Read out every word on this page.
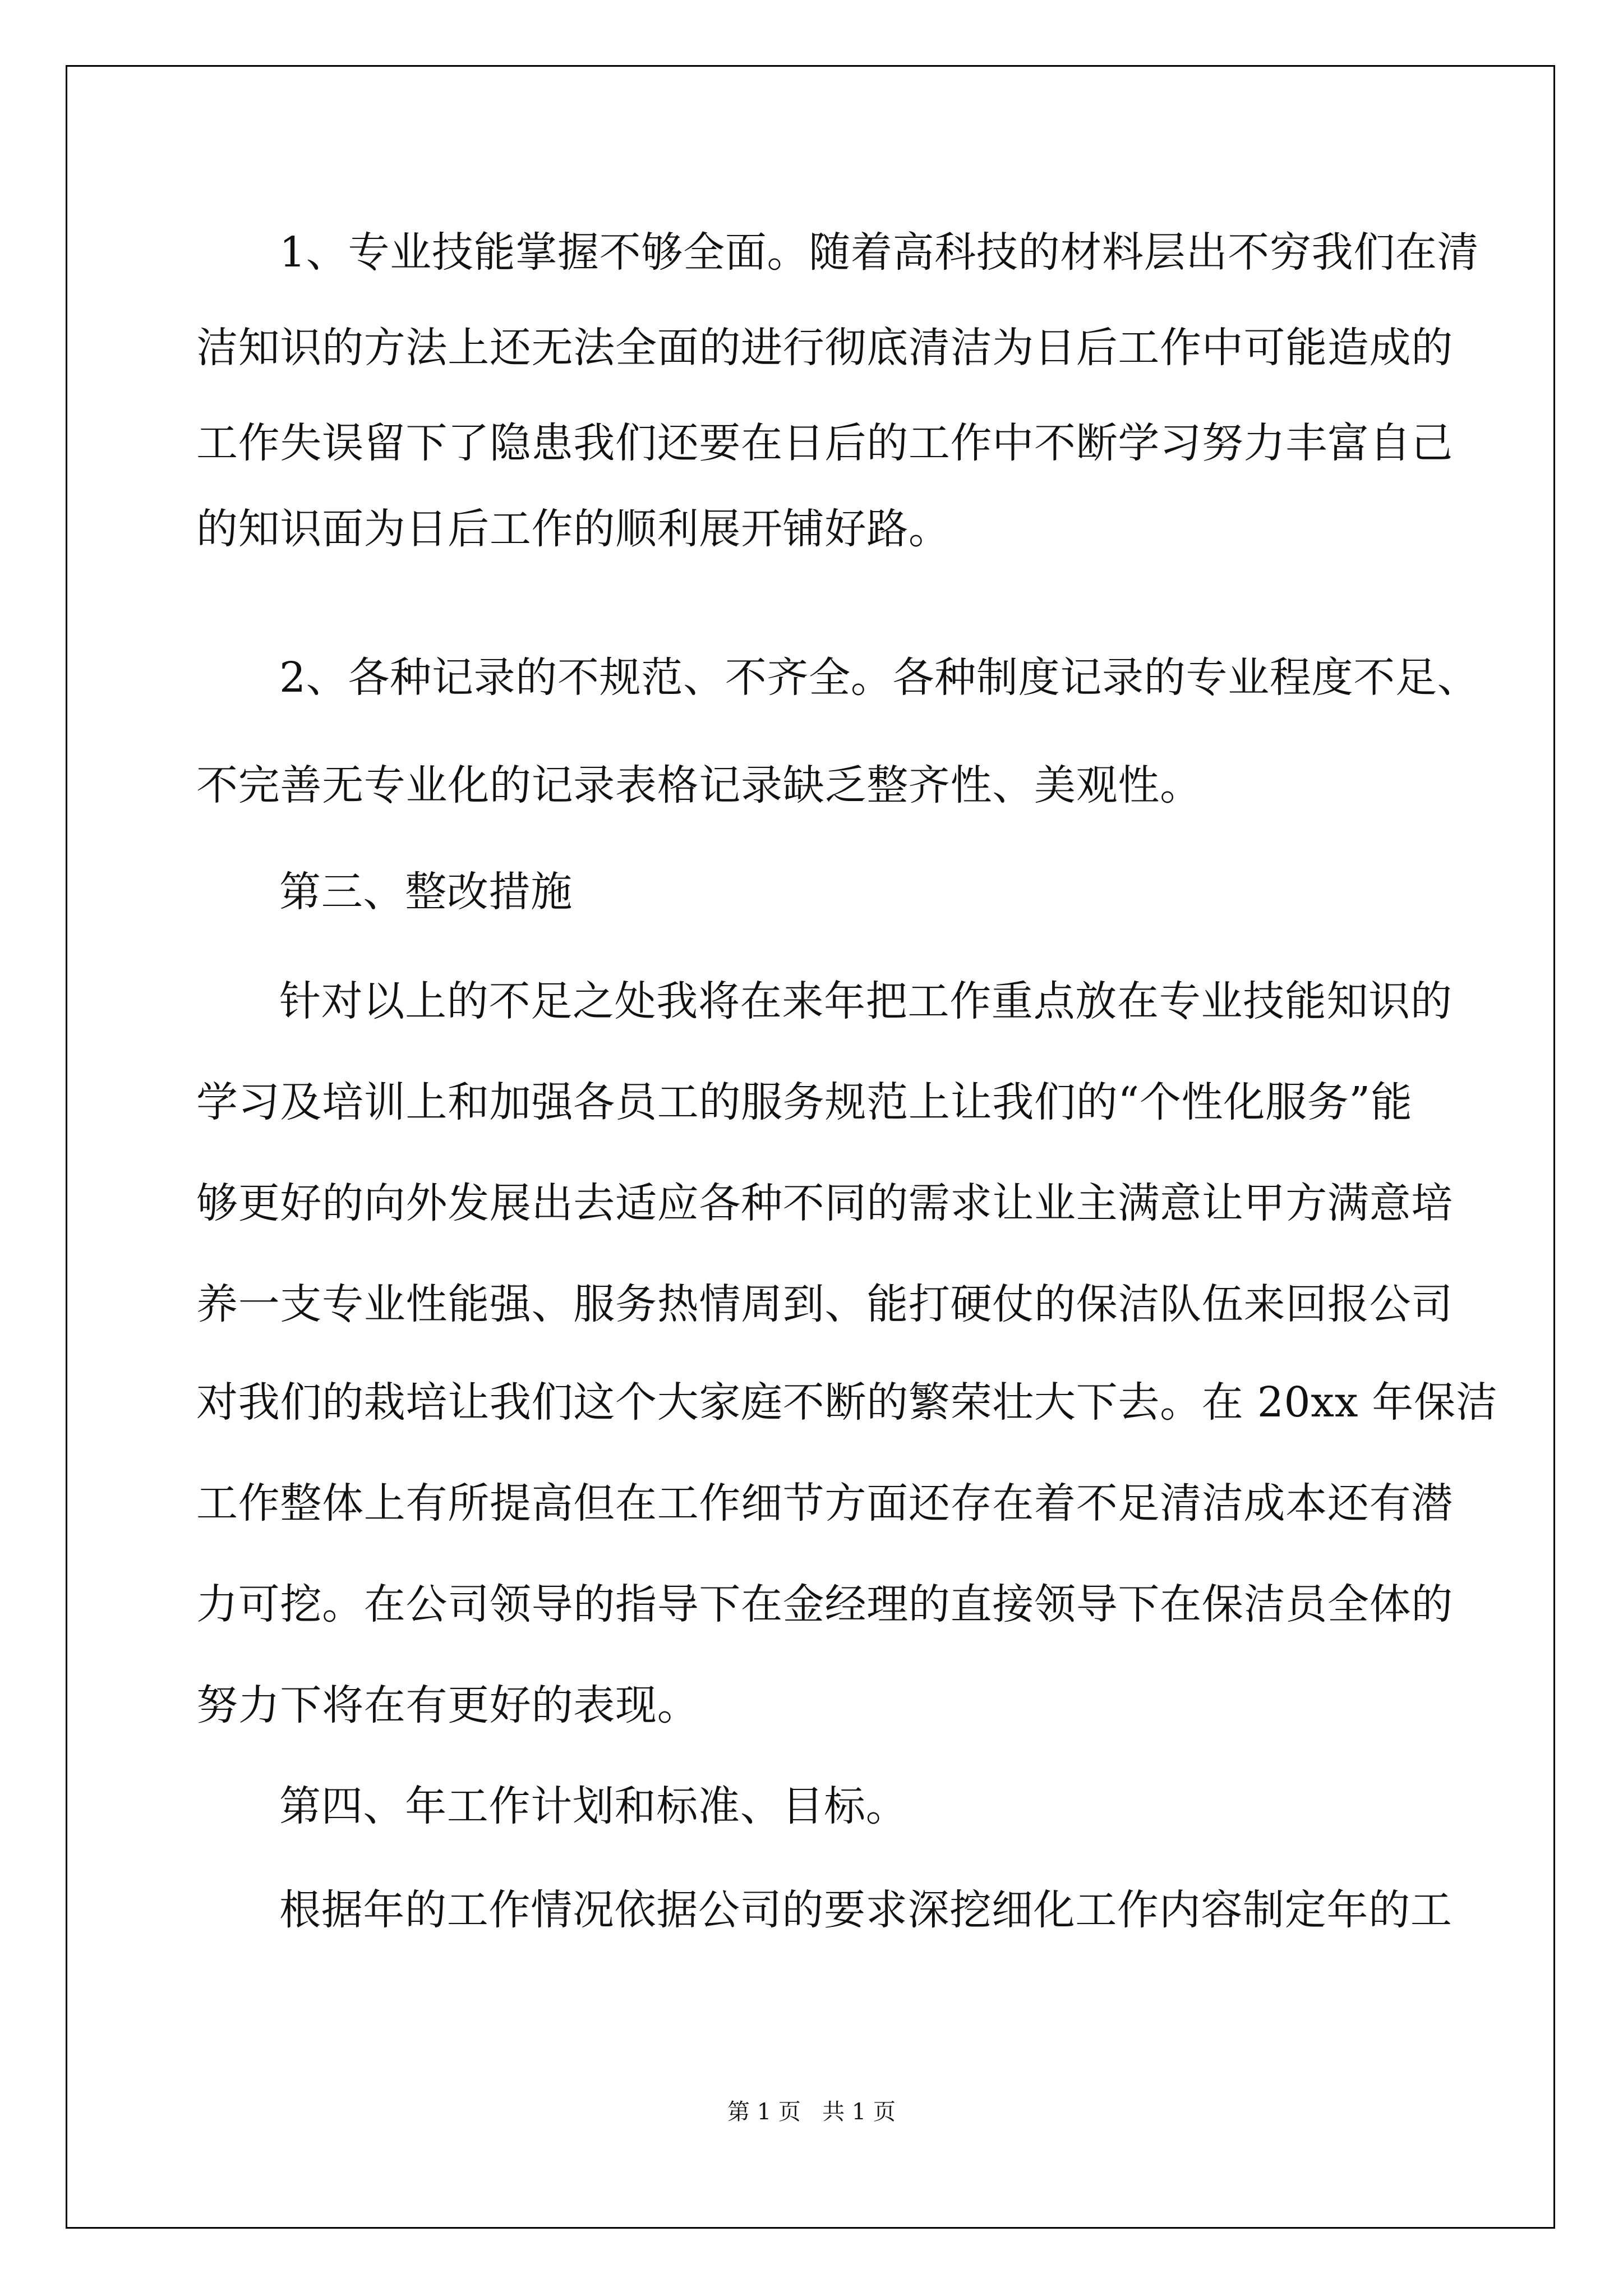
1、专业技能掌握不够全面。随着高科技的材料层出不穷我们在清

洁知识的方法上还无法全面的进行彻底清洁为日后工作中可能造成的

工作失误留下了隐患我们还要在日后的工作中不断学习努力丰富自己

的知识面为日后工作的顺利展开铺好路。

2、各种记录的不规范、不齐全。各种制度记录的专业程度不足、

不完善无专业化的记录表格记录缺乏整齐性、美观性。

第三、整改措施

针对以上的不足之处我将在来年把工作重点放在专业技能知识的

学习及培训上和加强各员工的服务规范上让我们的“个性化服务”能

够更好的向外发展出去适应各种不同的需求让业主满意让甲方满意培

养一支专业性能强、服务热情周到、能打硬仗的保洁队伍来回报公司

对我们的栽培让我们这个大家庭不断的繁荣壮大下去。在 20xx 年保洁

工作整体上有所提高但在工作细节方面还存在着不足清洁成本还有潜

力可挖。在公司领导的指导下在金经理的直接领导下在保洁员全体的

努力下将在有更好的表现。

第四、年工作计划和标准、目标。

根据年的工作情况依据公司的要求深挖细化工作内容制定年的工

第 1 页   共 1 页
